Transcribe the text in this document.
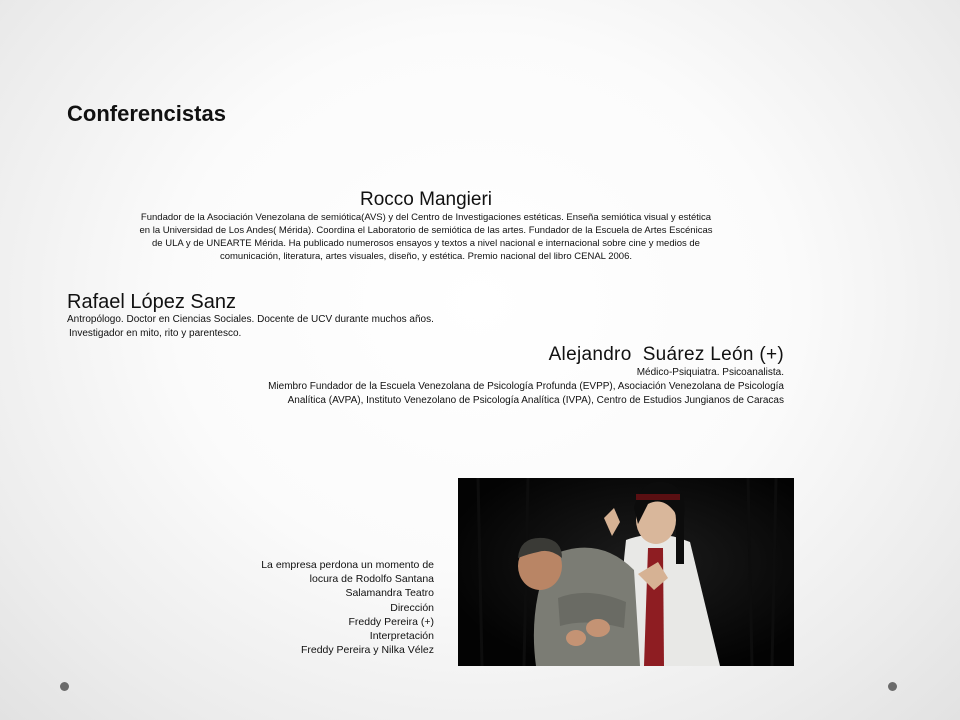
Conferencistas
Rocco Mangieri
Fundador de la Asociación Venezolana de semiótica(AVS) y del Centro de Investigaciones estéticas. Enseña semiótica visual y estética
en la Universidad de Los Andes( Mérida). Coordina el Laboratorio de semiótica de las artes. Fundador de la Escuela de Artes Escénicas
de ULA y de UNEARTE Mérida. Ha publicado numerosos ensayos y textos a nivel nacional e internacional sobre cine y medios de
comunicación, literatura, artes visuales, diseño, y estética. Premio nacional del libro CENAL 2006.
Rafael López Sanz
Antropólogo. Doctor en Ciencias Sociales. Docente de UCV durante muchos años.
Investigador en mito, rito y parentesco.
Alejandro  Suárez León (+)
Médico-Psiquiatra. Psicoanalista.
Miembro Fundador de la Escuela Venezolana de Psicología Profunda (EVPP), Asociación Venezolana de Psicología
Analítica (AVPA), Instituto Venezolano de Psicología Analítica (IVPA), Centro de Estudios Jungianos de Caracas
La empresa perdona un momento de
locura de Rodolfo Santana
Salamandra Teatro
Dirección
Freddy Pereira (+)
Interpretación
Freddy Pereira y Nilka Vélez
